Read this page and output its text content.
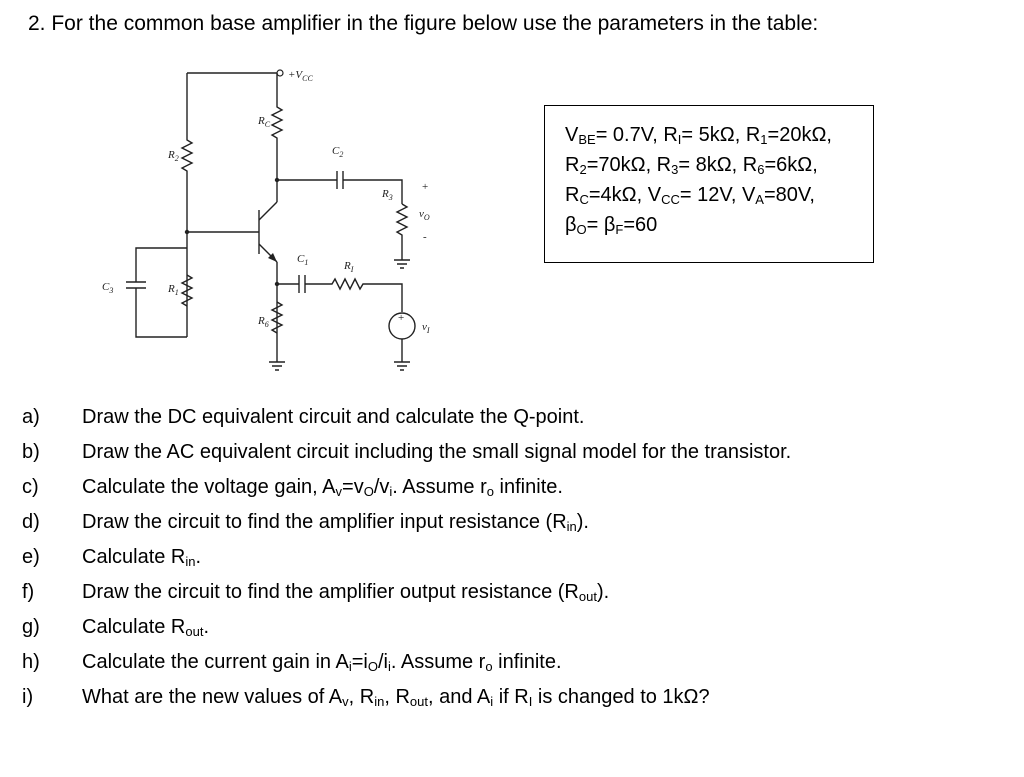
2. For the common base amplifier in the figure below use the parameters in the table:
$+V_{CC}$
$R_C$
$C_2$
$R_3$
+
$v_O$
-
$C_1$	$R_I$
$R_6$
+
$v_I$
$R_2$
$R_1$
$C_3$
$V_{BE}= 0.7V$, $R_I= 5k\Omega$, $R_1=20k\Omega$,
$R_2=70k\Omega$, $R_3= 8k\Omega$, $R_6=6k\Omega$,
$R_C=4k\Omega$, $V_{CC}= 12V$, $V_A=80V$,
$\beta_O= \beta_F=60$
a) Draw the DC equivalent circuit and calculate the Q-point.
b) Draw the AC equivalent circuit including the small signal model for the transistor.
c) Calculate the voltage gain, $A_v=v_O/v_i$. Assume $r_o$ infinite.
d) Draw the circuit to find the amplifier input resistance $(R_{in})$.
e) Calculate $R_{in}$.
f) Draw the circuit to find the amplifier output resistance $(R_{out})$.
g) Calculate $R_{out}$.
h) Calculate the current gain in $A_i=i_O/i_i$. Assume $r_o$ infinite.
i) What are the new values of $A_v$, $R_{in}$, $R_{out}$, and $A_i$ if $R_I$ is changed to 1kΩ?
